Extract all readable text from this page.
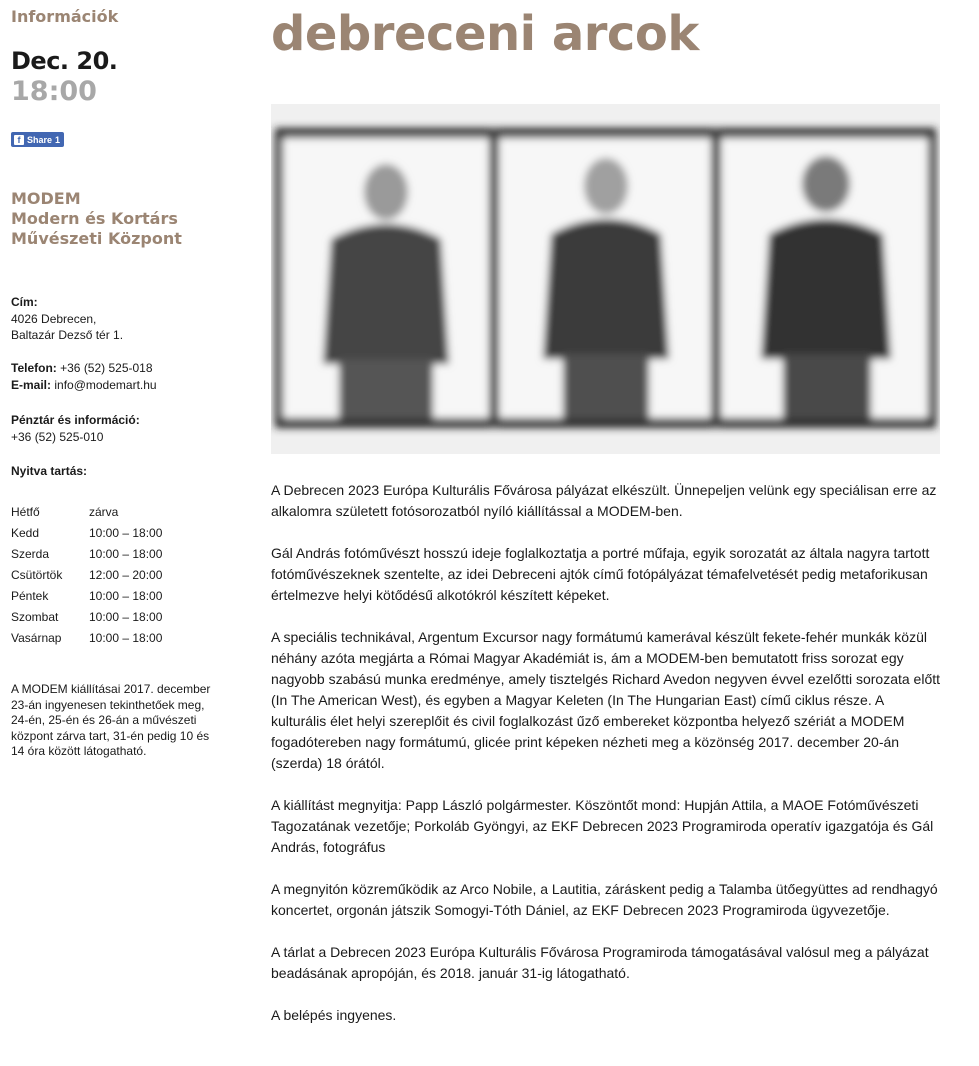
Információk
Dec. 20.
18:00
f Share 1
MODEM
Modern és Kortárs
Művészeti Központ
Cím:
4026 Debrecen,
Baltazár Dezső tér 1.
Telefon: +36 (52) 525-018
E-mail: info@modemart.hu
Pénztár és információ:
+36 (52) 525-010
Nyitva tartás:
Hétfő	zárva
Kedd	10:00 – 18:00
Szerda	10:00 – 18:00
Csütörtök	12:00 – 20:00
Péntek	10:00 – 18:00
Szombat	10:00 – 18:00
Vasárnap	10:00 – 18:00
A MODEM kiállításai 2017. december 23-án ingyenesen tekinthetőek meg, 24-én, 25-én és 26-án a művészeti központ zárva tart, 31-én pedig 10 és 14 óra között látogatható.
debreceni arcok

A Debrecen 2023 Európa Kulturális Fővárosa pályázat elkészült. Ünnepeljen velünk egy speciálisan erre az alkalomra született fotósorozatból nyíló kiállítással a MODEM-ben.

Gál András fotóművészt hosszú ideje foglalkoztatja a portré műfaja, egyik sorozatát az általa nagyra tartott fotóművészeknek szentelte, az idei Debreceni ajtók című fotópályázat témafelvetését pedig metaforikusan értelmezve helyi kötődésű alkotókról készített képeket.

A speciális technikával, Argentum Excursor nagy formátumú kamerával készült fekete-fehér munkák közül néhány azóta megjárta a Római Magyar Akadémiát is, ám a MODEM-ben bemutatott friss sorozat egy nagyobb szabású munka eredménye, amely tisztelgés Richard Avedon negyven évvel ezelőtti sorozata előtt (In The American West), és egyben a Magyar Keleten (In The Hungarian East) című ciklus része. A kulturális élet helyi szereplőit és civil foglalkozást űző embereket központba helyező szériát a MODEM fogadótereben nagy formátumú, glicée print képeken nézheti meg a közönség 2017. december 20-án (szerda) 18 órától.

A kiállítást megnyitja: Papp László polgármester. Köszöntőt mond: Hupján Attila, a MAOE Fotóművészeti Tagozatának vezetője; Porkoláb Gyöngyi, az EKF Debrecen 2023 Programiroda operatív igazgatója és Gál András, fotográfus

A megnyitón közreműködik az Arco Nobile, a Lautitia, záráskent pedig a Talamba ütőegyüttes ad rendhagyó koncertet, orgonán játszik Somogyi-Tóth Dániel, az EKF Debrecen 2023 Programiroda ügyvezetője.

A tárlat a Debrecen 2023 Európa Kulturális Fővárosa Programiroda támogatásával valósul meg a pályázat beadásának apropóján, és 2018. január 31-ig látogatható.

A belépés ingyenes.
